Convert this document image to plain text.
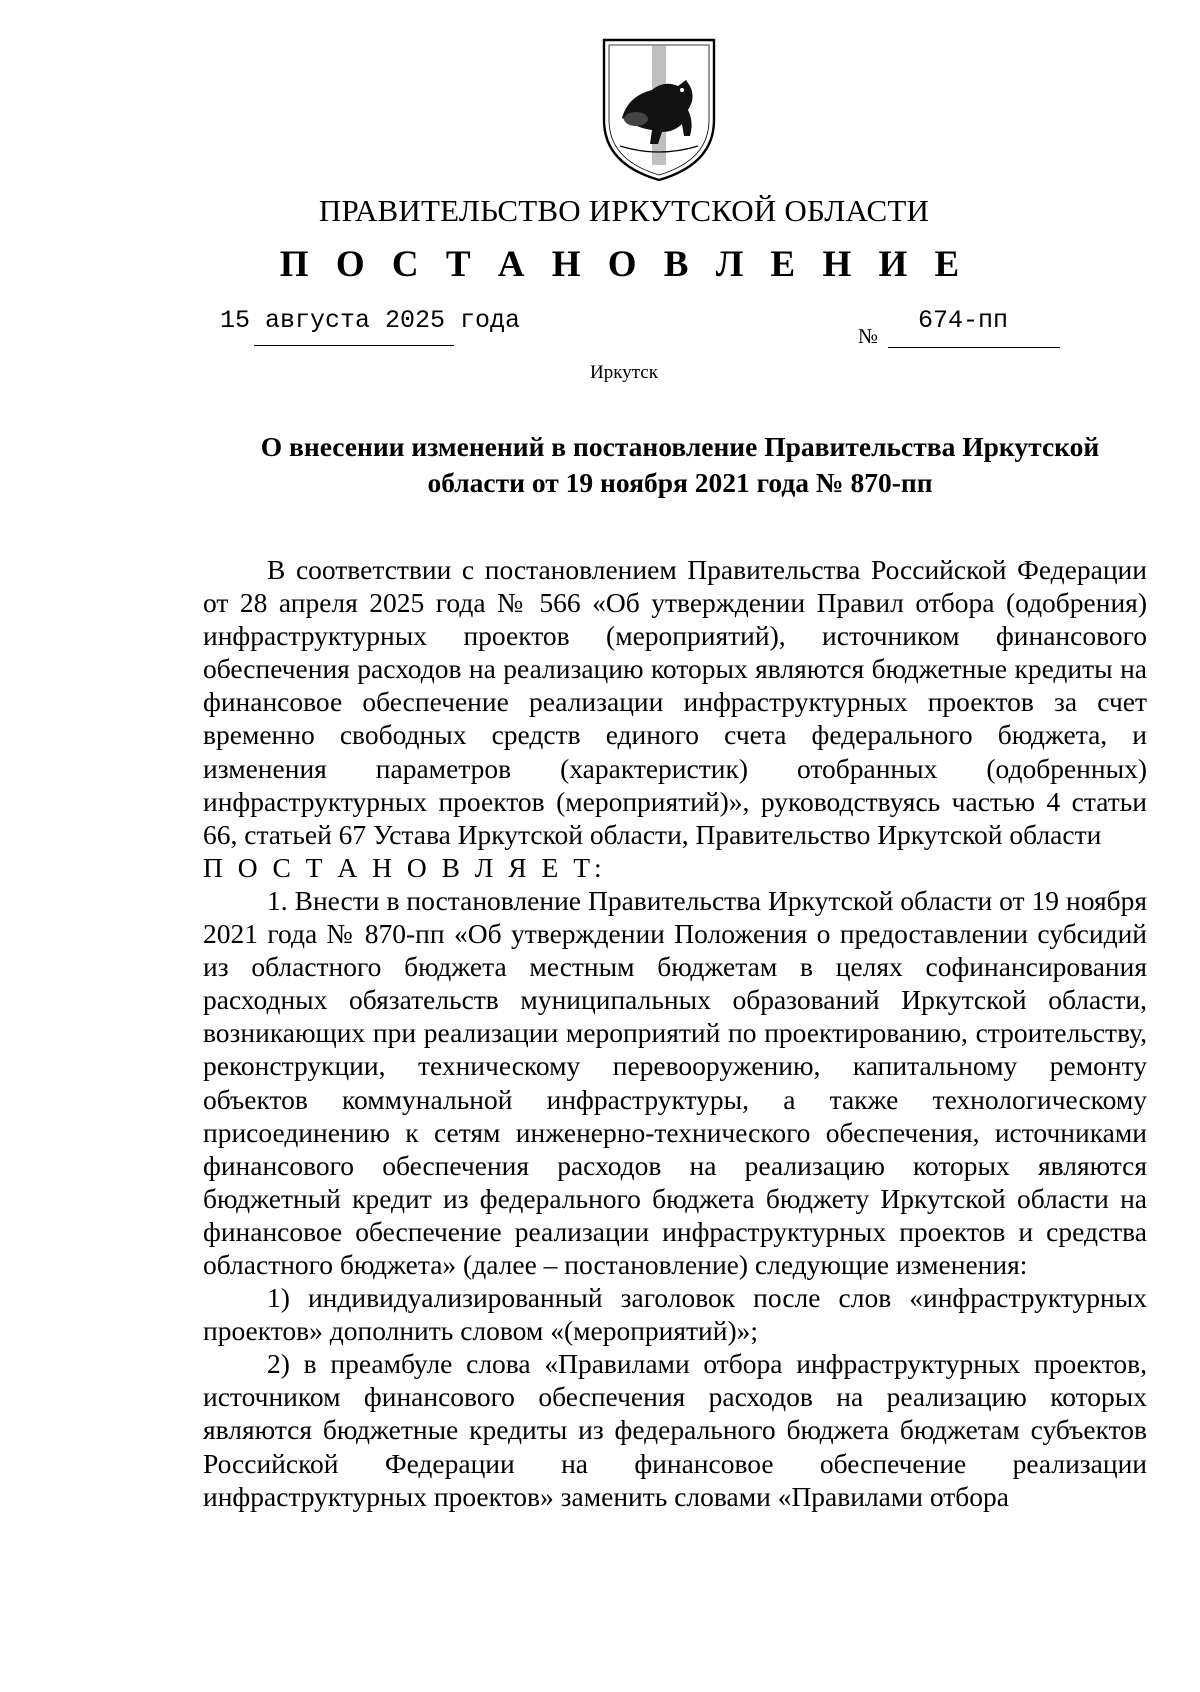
ПРАВИТЕЛЬСТВО ИРКУТСКОЙ ОБЛАСТИ
П О С Т А Н О В Л Е Н И Е
15 августа 2025 года
№
674-пп
Иркутск
О внесении изменений в постановление Правительства Иркутской
области от 19 ноября 2021 года № 870-пп

В соответствии с постановлением Правительства Российской Федерации от 28 апреля 2025 года № 566 «Об утверждении Правил отбора (одобрения) инфраструктурных проектов (мероприятий), источником финансового обеспечения расходов на реализацию которых являются бюджетные кредиты на финансовое обеспечение реализации инфраструктурных проектов за счет временно свободных средств единого счета федерального бюджета, и изменения параметров (характеристик) отобранных (одобренных) инфраструктурных проектов (мероприятий)», руководствуясь частью 4 статьи 66, статьей 67 Устава Иркутской области, Правительство Иркутской области

П О С Т А Н О В Л Я Е Т:

1. Внести в постановление Правительства Иркутской области от 19 ноября 2021 года № 870-пп «Об утверждении Положения о предоставлении субсидий из областного бюджета местным бюджетам в целях софинансирования расходных обязательств муниципальных образований Иркутской области, возникающих при реализации мероприятий по проектированию, строительству, реконструкции, техническому перевооружению, капитальному ремонту объектов коммунальной инфраструктуры, а также технологическому присоединению к сетям инженерно-технического обеспечения, источниками финансового обеспечения расходов на реализацию которых являются бюджетный кредит из федерального бюджета бюджету Иркутской области на финансовое обеспечение реализации инфраструктурных проектов и средства областного бюджета» (далее – постановление) следующие изменения:

1) индивидуализированный заголовок после слов «инфраструктурных проектов» дополнить словом «(мероприятий)»;

2) в преамбуле слова «Правилами отбора инфраструктурных проектов, источником финансового обеспечения расходов на реализацию которых являются бюджетные кредиты из федерального бюджета бюджетам субъектов Российской Федерации на финансовое обеспечение реализации инфраструктурных проектов» заменить словами «Правилами отбора
